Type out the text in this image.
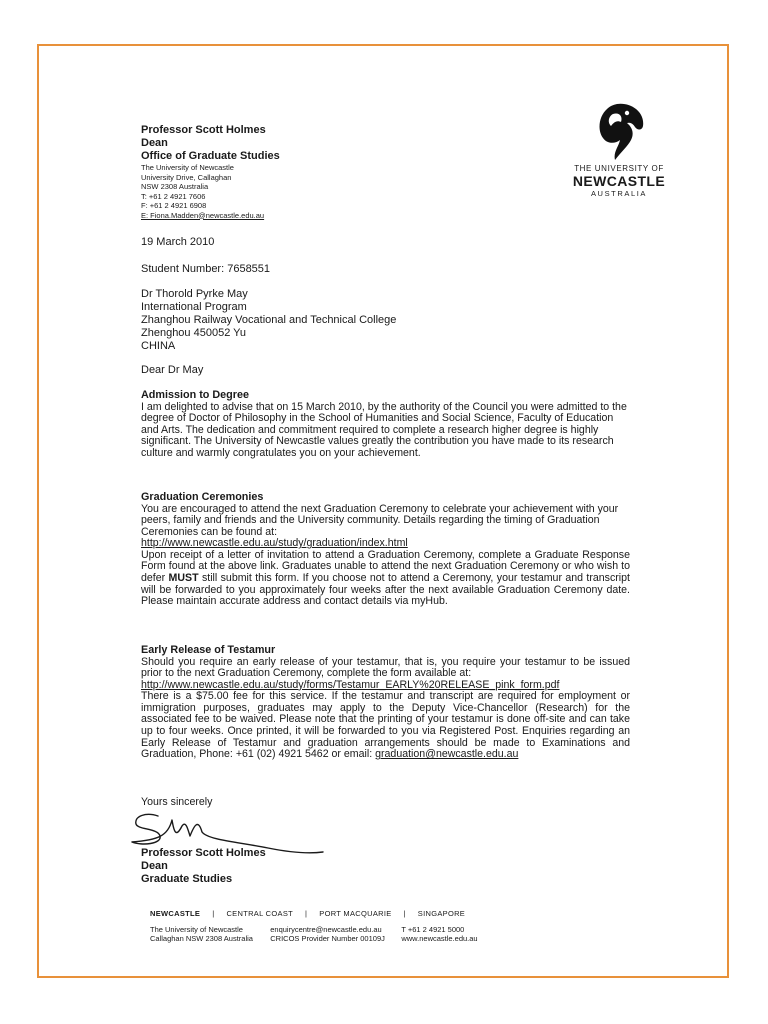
Professor Scott Holmes
Dean
Office of Graduate Studies
The University of Newcastle
University Drive, Callaghan
NSW 2308 Australia
T: +61 2 4921 7606
F: +61 2 4921 6908
E: Fiona.Madden@newcastle.edu.au
THE UNIVERSITY OF
NEWCASTLE
AUSTRALIA
19 March 2010
Student Number: 7658551
Dr Thorold Pyrke May
International Program
Zhanghou Railway Vocational and Technical College
Zhenghou 450052 Yu
CHINA
Dear Dr May
Admission to Degree
I am delighted to advise that on 15 March 2010, by the authority of the Council you were admitted to the degree of Doctor of Philosophy in the School of Humanities and Social Science, Faculty of Education and Arts. The dedication and commitment required to complete a research higher degree is highly significant. The University of Newcastle values greatly the contribution you have made to its research culture and warmly congratulates you on your achievement.
Graduation Ceremonies
You are encouraged to attend the next Graduation Ceremony to celebrate your achievement with your peers, family and friends and the University community. Details regarding the timing of Graduation Ceremonies can be found at:
http://www.newcastle.edu.au/study/graduation/index.html
Upon receipt of a letter of invitation to attend a Graduation Ceremony, complete a Graduate Response Form found at the above link. Graduates unable to attend the next Graduation Ceremony or who wish to defer MUST still submit this form. If you choose not to attend a Ceremony, your testamur and transcript will be forwarded to you approximately four weeks after the next available Graduation Ceremony date. Please maintain accurate address and contact details via myHub.
Early Release of Testamur
Should you require an early release of your testamur, that is, you require your testamur to be issued prior to the next Graduation Ceremony, complete the form available at:
http://www.newcastle.edu.au/study/forms/Testamur_EARLY%20RELEASE_pink_form.pdf
There is a $75.00 fee for this service. If the testamur and transcript are required for employment or immigration purposes, graduates may apply to the Deputy Vice-Chancellor (Research) for the associated fee to be waived. Please note that the printing of your testamur is done off-site and can take up to four weeks. Once printed, it will be forwarded to you via Registered Post. Enquiries regarding an Early Release of Testamur and graduation arrangements should be made to Examinations and Graduation, Phone: +61 (02) 4921 5462 or email: graduation@newcastle.edu.au
Yours sincerely
Professor Scott Holmes
Dean
Graduate Studies
NEWCASTLE | CENTRAL COAST | PORT MACQUARIE | SINGAPORE
The University of Newcastle	enquirycentre@newcastle.edu.au	T +61 2 4921 5000
Callaghan NSW 2308 Australia	CRICOS Provider Number 00109J	www.newcastle.edu.au
